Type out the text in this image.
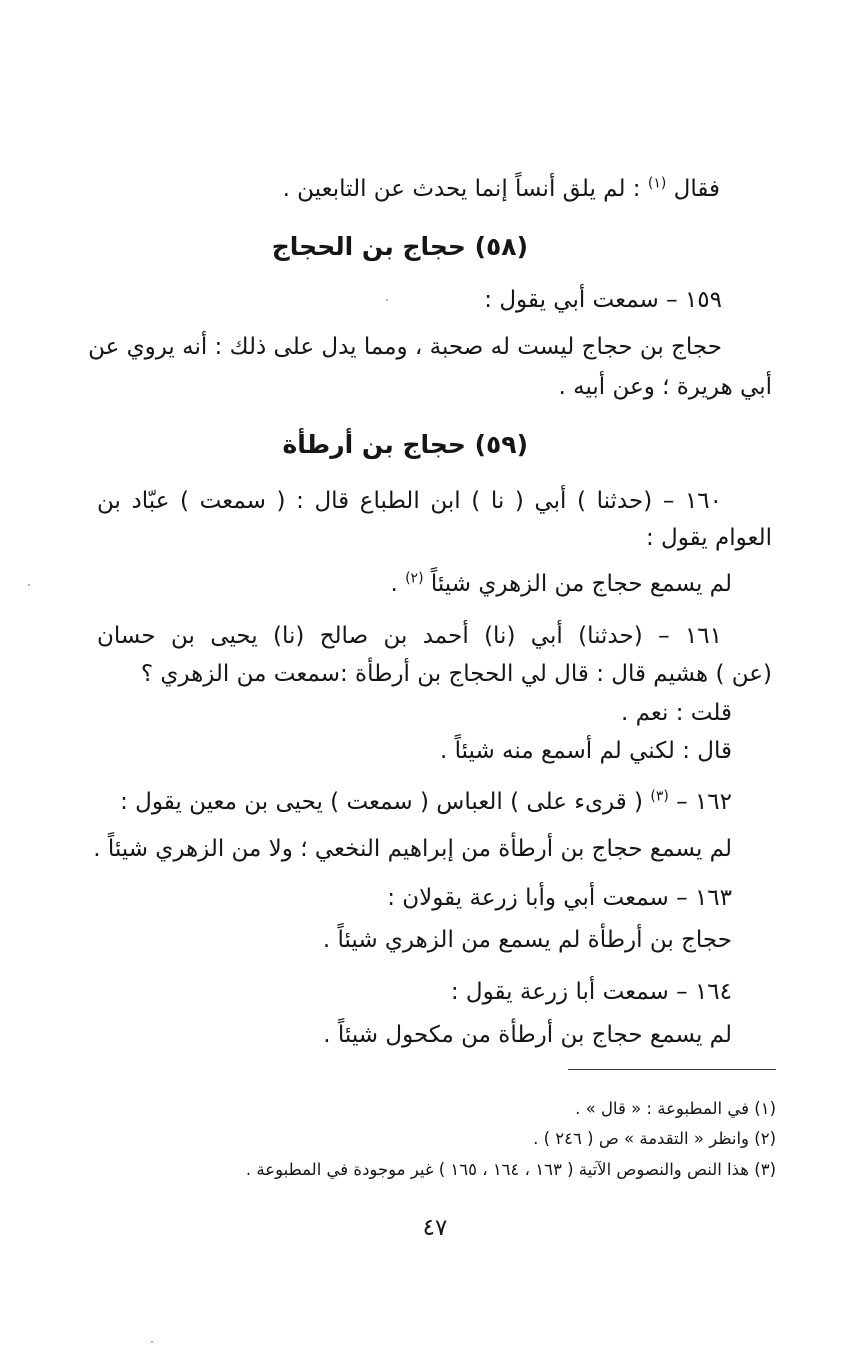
فقال $^{(١)}$ : لم يلق أنساً إنما يحدث عن التابعين .
(٥٨) حجاج بن الحجاج
١٥٩ – سمعت أبي يقول :
حجاج بن حجاج ليست له صحبة ، ومما يدل على ذلك : أنه يروي عن
أبي هريرة ؛ وعن أبيه .
(٥٩) حجاج بن أرطأة
١٦٠ – (حدثنا ) أبي ( نا ) ابن الطباع قال : ( سمعت ) عبّاد بن
العوام يقول :
لم يسمع حجاج من الزهري شيئاً $^{(٢)}$ .
١٦١ – (حدثنا) أبي (نا) أحمد بن صالح (نا) يحيى بن حسان
(عن ) هشيم قال : قال لي الحجاج بن أرطأة :سمعت من الزهري ؟
قلت : نعم .
قال : لكني لم أسمع منه شيئاً .
١٦٢ – $^{(٣)}$ ( قرىء على ) العباس ( سمعت ) يحيى بن معين يقول :
لم يسمع حجاج بن أرطأة من إبراهيم النخعي ؛ ولا من الزهري شيئاً .
١٦٣ – سمعت أبي وأبا زرعة يقولان :
حجاج بن أرطأة لم يسمع من الزهري شيئاً .
١٦٤ – سمعت أبا زرعة يقول :
لم يسمع حجاج بن أرطأة من مكحول شيئاً .
(١) في المطبوعة : « قال » .
(٢) وانظر « التقدمة » ص ( ٢٤٦ ) .
(٣) هذا النص والنصوص الآتية ( ١٦٣ ، ١٦٤ ، ١٦٥ ) غير موجودة في المطبوعة .
٤٧
